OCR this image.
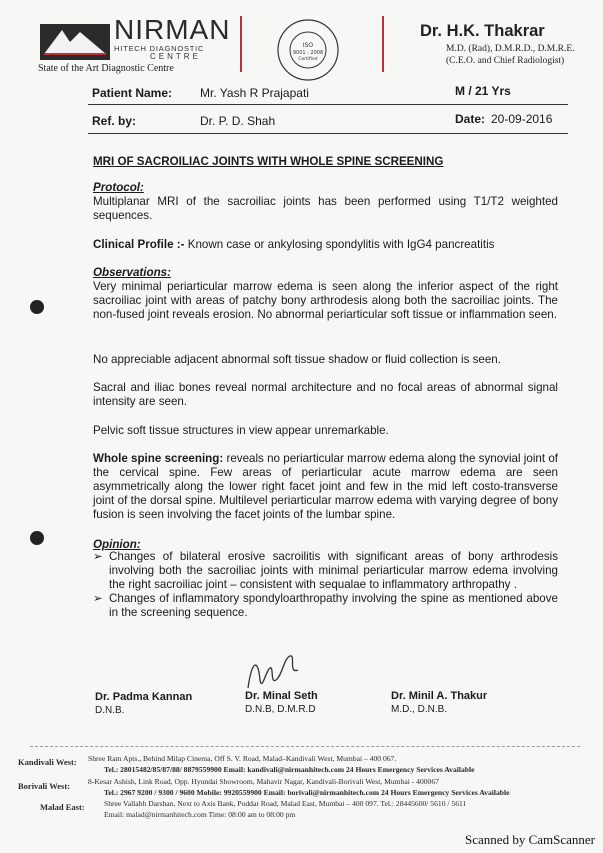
NIRMAN
HITECH DIAGNOSTIC
CENTRE
State of the Art Diagnostic Centre
ISO
9001 : 2008
Certified
Dr. H.K. Thakrar
M.D. (Rad), D.M.R.D., D.M.R.E.
(C.E.O. and Chief Radiologist)
Patient Name: Mr. Yash R Prajapati	M / 21 Yrs
Ref. by:	Dr. P. D. Shah	Date: 20-09-2016
MRI OF SACROILIAC JOINTS WITH WHOLE SPINE SCREENING
Protocol:
Multiplanar MRI of the sacroiliac joints has been performed using T1/T2 weighted sequences.
Clinical Profile :- Known case or ankylosing spondylitis with IgG4 pancreatitis
Observations:
Very minimal periarticular marrow edema is seen along the inferior aspect of the right sacroiliac joint with areas of patchy bony arthrodesis along both the sacroiliac joints. The non-fused joint reveals erosion. No abnormal periarticular soft tissue or inflammation seen.
No appreciable adjacent abnormal soft tissue shadow or fluid collection is seen.
Sacral and iliac bones reveal normal architecture and no focal areas of abnormal signal intensity are seen.
Pelvic soft tissue structures in view appear unremarkable.
Whole spine screening: reveals no periarticular marrow edema along the synovial joint of the cervical spine. Few areas of periarticular acute marrow edema are seen asymmetrically along the lower right facet joint and few in the mid left costo-transverse joint of the dorsal spine. Multilevel periarticular marrow edema with varying degree of bony fusion is seen involving the facet joints of the lumbar spine.
Opinion:
➢ Changes of bilateral erosive sacroilitis with significant areas of bony arthrodesis involving both the sacroiliac joints with minimal periarticular marrow edema involving the right sacroiliac joint – consistent with sequalae to inflammatory arthropathy .
➢ Changes of inflammatory spondyloarthropathy involving the spine as mentioned above in the screening sequence.
Dr. Padma Kannan
D.N.B.
Dr. Minal Seth
D.N.B, D.M.R.D
Dr. Minil A. Thakur
M.D., D.N.B.
Kandivali West: Shree Ram Apts., Behind Milap Cinema, Off S. V. Road, Malad–Kandivali West, Mumbai – 400 067.
Tel.: 28015482/85/87/88/ 8879559900 Email: kandivali@nirmanhitech.com 24 Hours Emergency Services Available
Borivali West: 8-Kesar Ashish, Link Road, Opp. Hyundai Showroom, Mahavir Nagar, Kandivali-Borivali West, Mumbai - 400067
Tel.: 2967 9200 / 9300 / 9600 Mobile: 9920559900 Email: borivali@nirmanhitech.com 24 Hours Emergency Services Available
Malad East:	Shree Vallabh Darshan, Next to Axis Bank, Poddar Road, Malad East, Mumbai – 400 097. Tel.: 28445600/ 5610 / 5611
Email: malad@nirmanhitech.com Time: 08:00 am to 08:00 pm
Scanned by CamScanner
